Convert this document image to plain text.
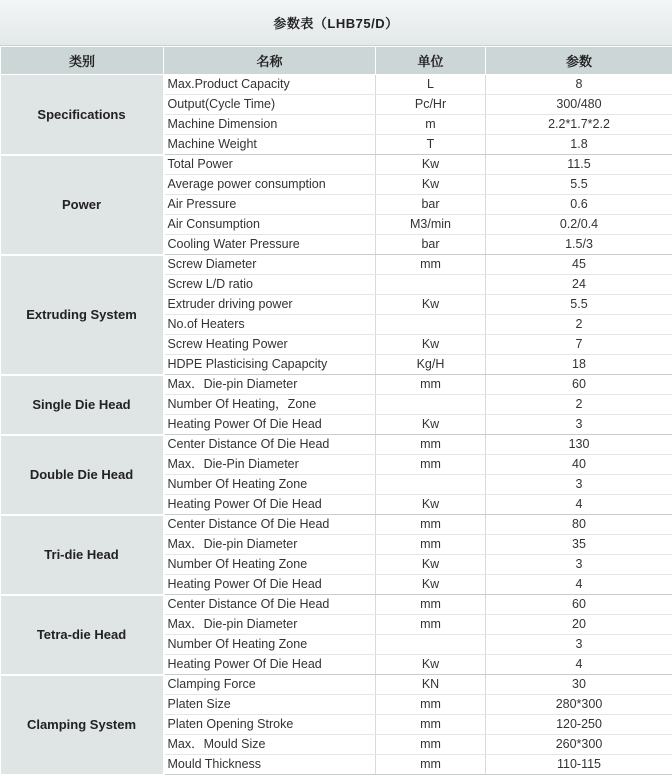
参数表（LHB75/D）
类别	名称	单位	参数
Specifications	Max.Product Capacity	L	8
	Output(Cycle Time)	Pc/Hr	300/480
	Machine Dimension	m	2.2*1.7*2.2
	Machine Weight	T	1.8
Power	Total Power	Kw	11.5
	Average power consumption	Kw	5.5
	Air Pressure	bar	0.6
	Air Consumption	M3/min	0.2/0.4
	Cooling Water Pressure	bar	1.5/3
Extruding System	Screw Diameter	mm	45
	Screw L/D ratio		24
	Extruder driving power	Kw	5.5
	No.of Heaters		2
	Screw Heating Power	Kw	7
	HDPE Plasticising Capapcity	Kg/H	18
Single Die Head	Max．Die-pin Diameter	mm	60
	Number Of Heating，Zone		2
	Heating Power Of Die Head	Kw	3
Double Die Head	Center Distance Of Die Head	mm	130
	Max．Die-Pin Diameter	mm	40
	Number Of Heating Zone		3
	Heating Power Of Die Head	Kw	4
Tri-die Head	Center Distance Of Die Head	mm	80
	Max．Die-pin Diameter	mm	35
	Number Of Heating Zone	Kw	3
	Heating Power Of Die Head	Kw	4
Tetra-die Head	Center Distance Of Die Head	mm	60
	Max．Die-pin Diameter	mm	20
	Number Of Heating Zone		3
	Heating Power Of Die Head	Kw	4
Clamping System	Clamping Force	KN	30
	Platen Size	mm	280*300
	Platen Opening Stroke	mm	120-250
	Max．Mould Size	mm	260*300
	Mould Thickness	mm	110-115
